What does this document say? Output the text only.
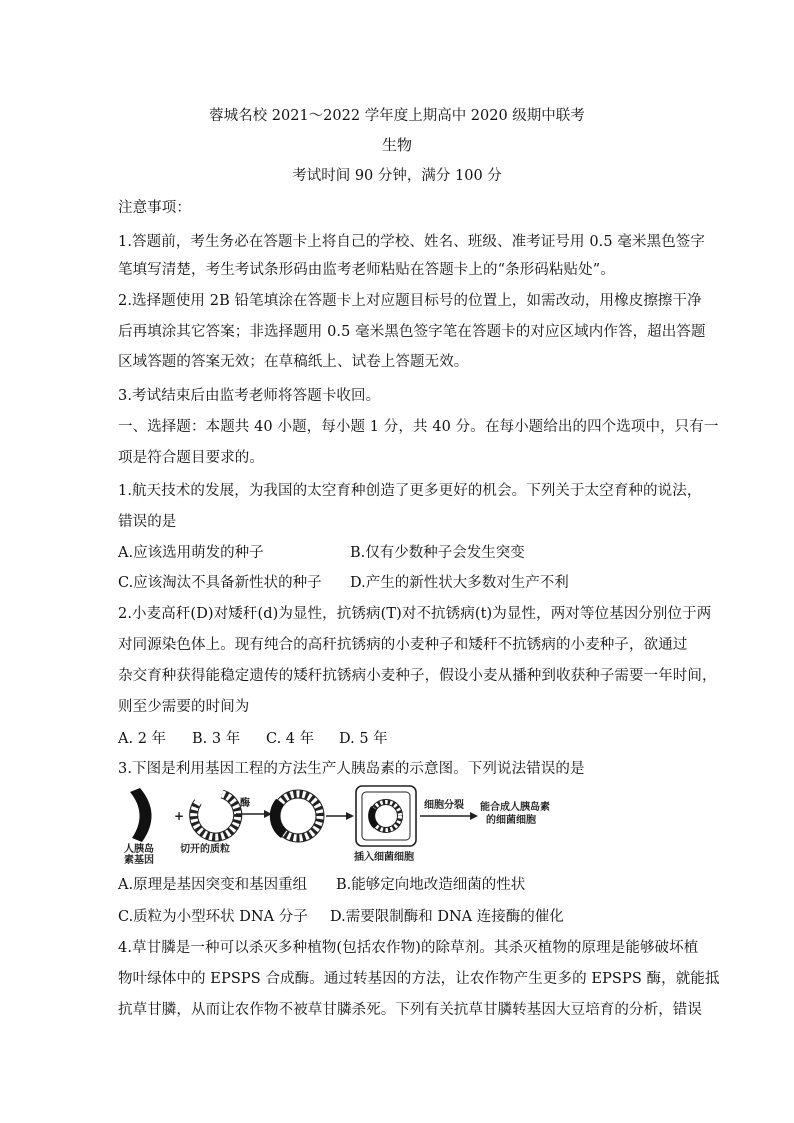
蓉城名校 2021～2022 学年度上期高中 2020 级期中联考
生物
考试时间 90 分钟，满分 100 分
注意事项：
1.答题前，考生务必在答题卡上将自己的学校、姓名、班级、准考证号用 0.5 毫米黑色签字
笔填写清楚，考生考试条形码由监考老师粘贴在答题卡上的“条形码粘贴处”。
2.选择题使用 2B 铅笔填涂在答题卡上对应题目标号的位置上，如需改动，用橡皮擦擦干净
后再填涂其它答案；非选择题用 0.5 毫米黑色签字笔在答题卡的对应区域内作答，超出答题
区域答题的答案无效；在草稿纸上、试卷上答题无效。
3.考试结束后由监考老师将答题卡收回。
一、选择题：本题共 40 小题，每小题 1 分，共 40 分。在每小题给出的四个选项中，只有一
项是符合题目要求的。
1.航天技术的发展，为我国的太空育种创造了更多更好的机会。下列关于太空育种的说法，
错误的是
A.应该选用萌发的种子	B.仅有少数种子会发生突变
C.应该淘汰不具备新性状的种子 D.产生的新性状大多数对生产不利
2.小麦高秆(D)对矮秆(d)为显性，抗锈病(T)对不抗锈病(t)为显性，两对等位基因分别位于两
对同源染色体上。现有纯合的高秆抗锈病的小麦种子和矮秆不抗锈病的小麦种子，欲通过
杂交育种获得能稳定遗传的矮秆抗锈病小麦种子，假设小麦从播种到收获种子需要一年时间，
则至少需要的时间为
A. 2 年 B. 3 年 C. 4 年 D. 5 年
3.下图是利用基因工程的方法生产人胰岛素的示意图。下列说法错误的是
人胰岛
素基因
+
切开的质粒
酶
插入细菌细胞
细胞分裂 能合成人胰岛素
的细菌细胞
A.原理是基因突变和基因重组 B.能够定向地改造细菌的性状
C.质粒为小型环状 DNA 分子 D.需要限制酶和 DNA 连接酶的催化
4.草甘膦是一种可以杀灭多种植物(包括农作物)的除草剂。其杀灭植物的原理是能够破坏植
物叶绿体中的 EPSPS 合成酶。通过转基因的方法，让农作物产生更多的 EPSPS 酶，就能抵
抗草甘膦，从而让农作物不被草甘膦杀死。下列有关抗草甘膦转基因大豆培育的分析，错误
